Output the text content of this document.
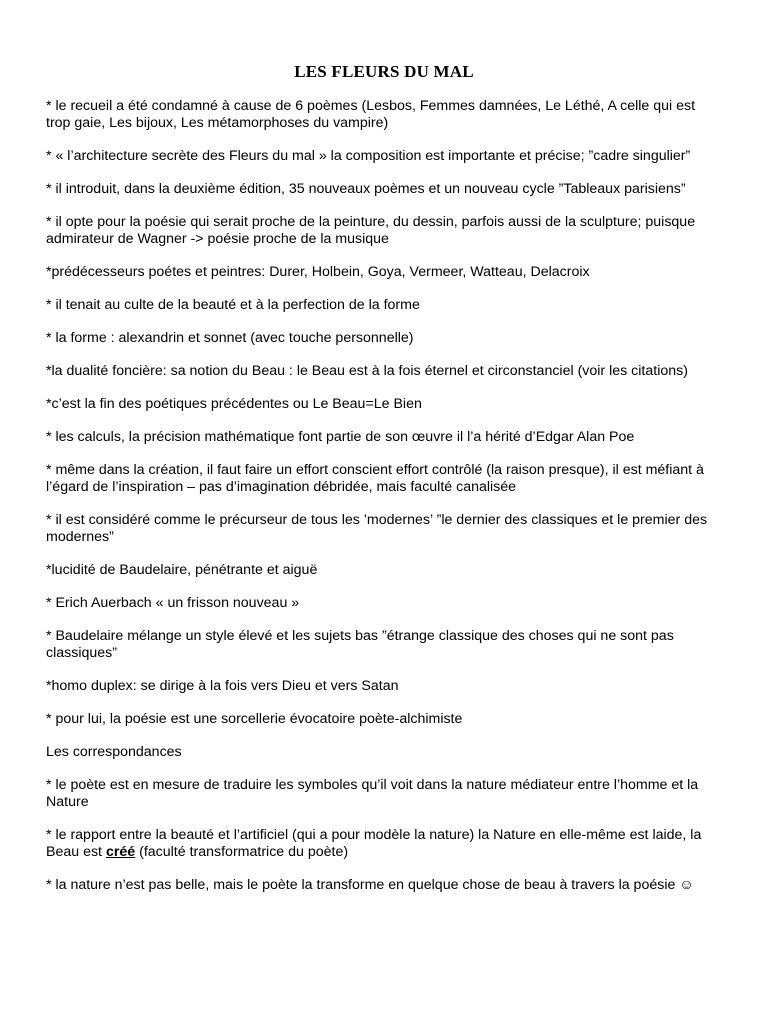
LES FLEURS DU MAL

* le recueil a été condamné à cause de 6 poèmes (Lesbos, Femmes damnées, Le Léthé, A celle qui est trop gaie, Les bijoux, Les métamorphoses du vampire)

* « l’architecture secrète des Fleurs du mal » la composition est importante et précise; ”cadre singulier”

* il introduit, dans la deuxième édition, 35 nouveaux poèmes et un nouveau cycle ”Tableaux parisiens”

* il opte pour la poésie qui serait proche de la peinture, du dessin, parfois aussi de la sculpture; puisque admirateur de Wagner -> poésie proche de la musique

*prédécesseurs poétes et peintres: Durer, Holbein, Goya, Vermeer, Watteau, Delacroix

* il tenait au culte de la beauté et à la perfection de la forme

* la forme : alexandrin et sonnet (avec touche personnelle)

*la dualité foncière: sa notion du Beau : le Beau est à la fois éternel et circonstanciel (voir les citations)

*c’est la fin des poétiques précédentes ou Le Beau=Le Bien

* les calculs, la précision mathématique font partie de son œuvre il l’a hérité d’Edgar Alan Poe

* même dans la création, il faut faire un effort conscient effort contrôlé (la raison presque), il est méfiant à l’égard de l’inspiration – pas d’imagination débridée, mais faculté canalisée

* il est considéré comme le précurseur de tous les ’modernes’ ”le dernier des classiques et le premier des modernes”

*lucidité de Baudelaire, pénétrante et aiguë

* Erich Auerbach « un frisson nouveau »

* Baudelaire mélange un style élevé et les sujets bas ”étrange classique des choses qui ne sont pas classiques”

*homo duplex: se dirige à la fois vers Dieu et vers Satan

* pour lui, la poésie est une sorcellerie évocatoire poète-alchimiste

Les correspondances

* le poète est en mesure de traduire les symboles qu’il voit dans la nature médiateur entre l’homme et la Nature

* le rapport entre la beauté et l’artificiel (qui a pour modèle la nature) la Nature en elle-même est laide, la Beau est créé (faculté transformatrice du poète)

* la nature n’est pas belle, mais le poète la transforme en quelque chose de beau à travers la poésie ☺
